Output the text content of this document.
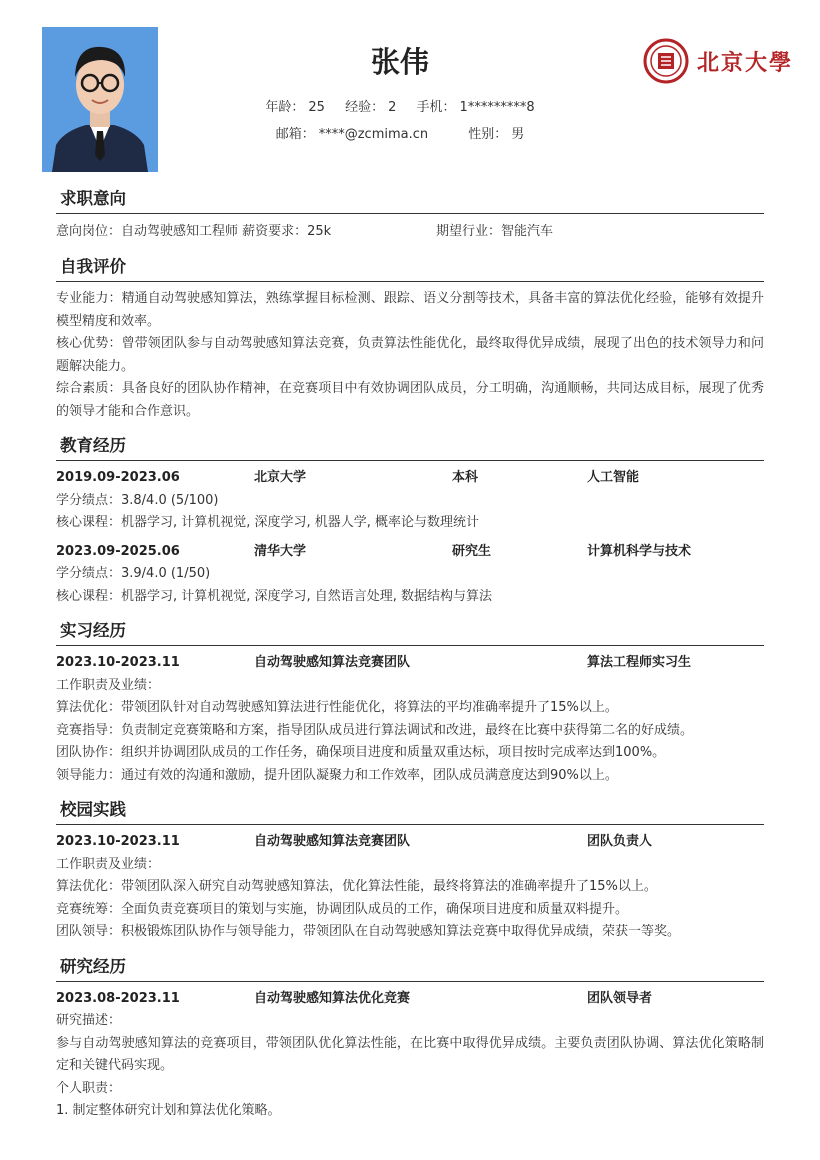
张伟
年龄： 25 经验： 2 手机： 1*********8
邮箱： ****@zcmima.cn	性别： 男
北京大學
求职意向
意向岗位：自动驾驶感知工程师 薪资要求：25k	期望行业：智能汽车
自我评价
专业能力：精通自动驾驶感知算法，熟练掌握目标检测、跟踪、语义分割等技术，具备丰富的算法优化经验，能够有效提升模型精度和效率。
核心优势：曾带领团队参与自动驾驶感知算法竞赛，负责算法性能优化，最终取得优异成绩，展现了出色的技术领导力和问题解决能力。
综合素质：具备良好的团队协作精神，在竞赛项目中有效协调团队成员，分工明确，沟通顺畅，共同达成目标，展现了优秀的领导才能和合作意识。
教育经历
2019.09-2023.06	北京大学	本科	人工智能
学分绩点：3.8/4.0 (5/100)
核心课程：机器学习, 计算机视觉, 深度学习, 机器人学, 概率论与数理统计
2023.09-2025.06	清华大学	研究生	计算机科学与技术
学分绩点：3.9/4.0 (1/50)
核心课程：机器学习, 计算机视觉, 深度学习, 自然语言处理, 数据结构与算法
实习经历
2023.10-2023.11	自动驾驶感知算法竞赛团队	算法工程师实习生
工作职责及业绩：
算法优化：带领团队针对自动驾驶感知算法进行性能优化，将算法的平均准确率提升了15%以上。
竞赛指导：负责制定竞赛策略和方案，指导团队成员进行算法调试和改进，最终在比赛中获得第二名的好成绩。
团队协作：组织并协调团队成员的工作任务，确保项目进度和质量双重达标，项目按时完成率达到100%。
领导能力：通过有效的沟通和激励，提升团队凝聚力和工作效率，团队成员满意度达到90%以上。
校园实践
2023.10-2023.11	自动驾驶感知算法竞赛团队	团队负责人
工作职责及业绩：
算法优化：带领团队深入研究自动驾驶感知算法，优化算法性能，最终将算法的准确率提升了15%以上。
竞赛统筹：全面负责竞赛项目的策划与实施，协调团队成员的工作，确保项目进度和质量双料提升。
团队领导：积极锻炼团队协作与领导能力，带领团队在自动驾驶感知算法竞赛中取得优异成绩，荣获一等奖。
研究经历
2023.08-2023.11	自动驾驶感知算法优化竞赛	团队领导者
研究描述：
参与自动驾驶感知算法的竞赛项目，带领团队优化算法性能，在比赛中取得优异成绩。主要负责团队协调、算法优化策略制定和关键代码实现。
个人职责：
1. 制定整体研究计划和算法优化策略。
